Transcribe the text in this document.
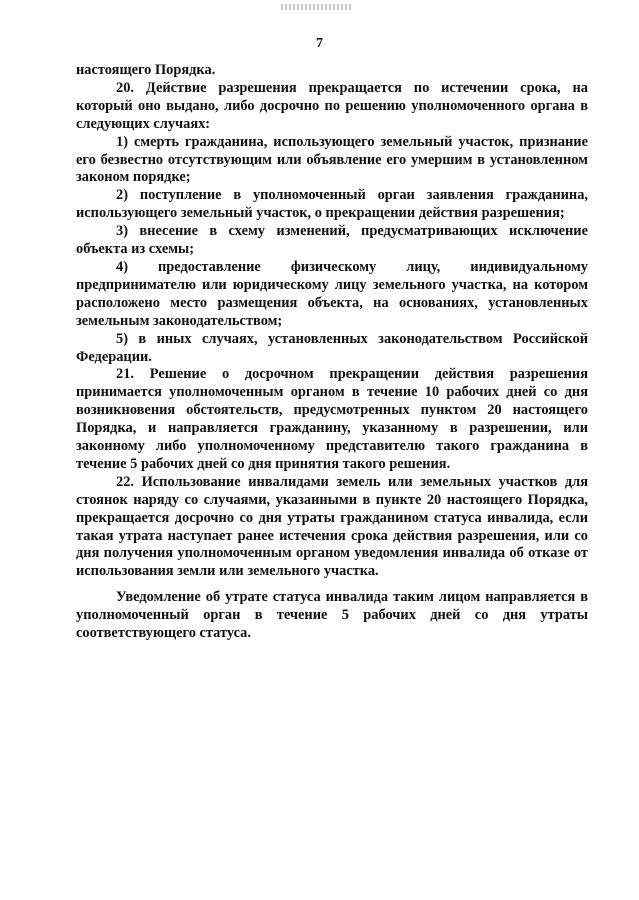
7

настоящего Порядка.

20. Действие разрешения прекращается по истечении срока, на который оно выдано, либо досрочно по решению уполномоченного органа в следующих случаях:

1) смерть гражданина, использующего земельный участок, признание его безвестно отсутствующим или объявление его умершим в установленном законом порядке;

2) поступление в уполномоченный орган заявления гражданина, использующего земельный участок, о прекращении действия разрешения;

3) внесение в схему изменений, предусматривающих исключение объекта из схемы;

4) предоставление физическому лицу, индивидуальному предпринимателю или юридическому лицу земельного участка, на котором расположено место размещения объекта, на основаниях, установленных земельным законодательством;

5) в иных случаях, установленных законодательством Российской Федерации.

21. Решение о досрочном прекращении действия разрешения принимается уполномоченным органом в течение 10 рабочих дней со дня возникновения обстоятельств, предусмотренных пунктом 20 настоящего Порядка, и направляется гражданину, указанному в разрешении, или законному либо уполномоченному представителю такого гражданина в течение 5 рабочих дней со дня принятия такого решения.

22. Использование инвалидами земель или земельных участков для стоянок наряду со случаями, указанными в пункте 20 настоящего Порядка, прекращается досрочно со дня утраты гражданином статуса инвалида, если такая утрата наступает ранее истечения срока действия разрешения, или со дня получения уполномоченным органом уведомления инвалида об отказе от использования земли или земельного участка.

Уведомление об утрате статуса инвалида таким лицом направляется в уполномоченный орган в течение 5 рабочих дней со дня утраты соответствующего статуса.
